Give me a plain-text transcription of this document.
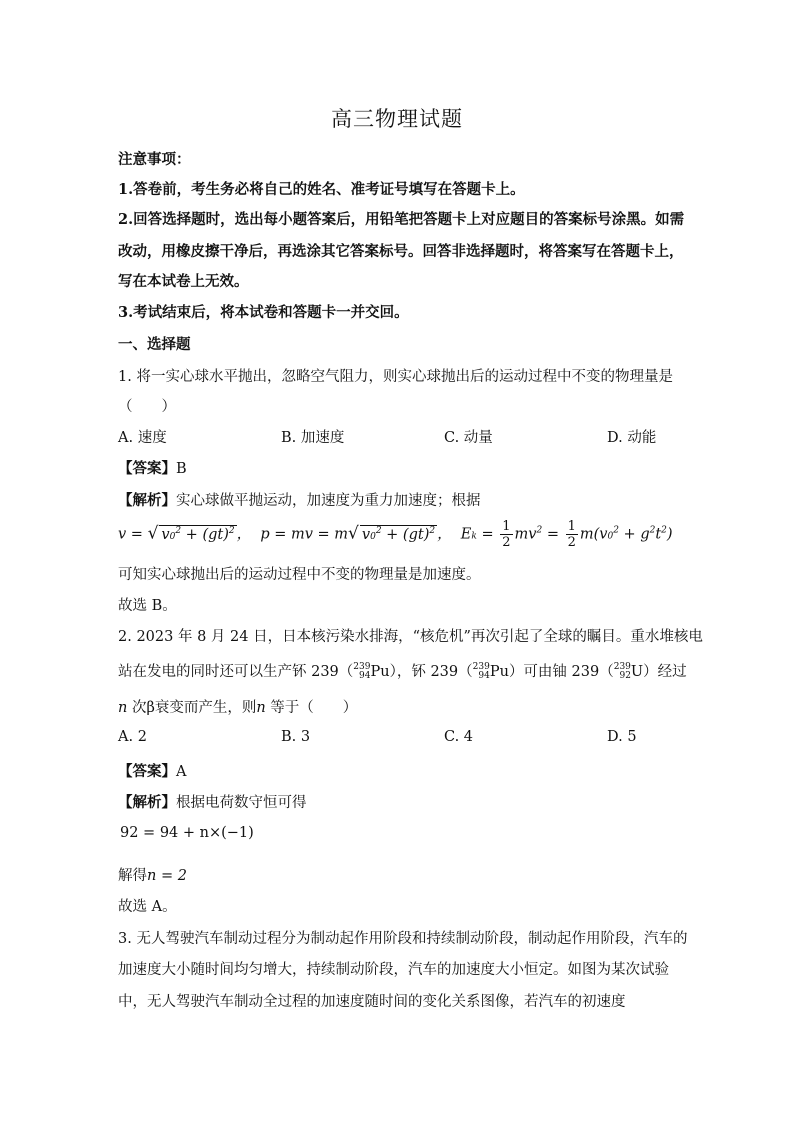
高三物理试题
注意事项：
1.答卷前，考生务必将自己的姓名、准考证号填写在答题卡上。
2.回答选择题时，选出每小题答案后，用铅笔把答题卡上对应题目的答案标号涂黑。如需
改动，用橡皮擦干净后，再选涂其它答案标号。回答非选择题时，将答案写在答题卡上，
写在本试卷上无效。
3.考试结束后，将本试卷和答题卡一并交回。
一、选择题
1. 将一实心球水平抛出，忽略空气阻力，则实心球抛出后的运动过程中不变的物理量是
（　　）
A. 速度	B. 加速度	C. 动量	D. 动能
【答案】B
【解析】实心球做平抛运动，加速度为重力加速度；根据
v = √ $v0^2 + (gt)^2$ ，  p = mv = m√ $v0^2 + (gt)^2$ ，  $Ek = \frac{1}{2} mv^2 = \frac{1}{2} m(v0^2 + g^2t^2)$
可知实心球抛出后的运动过程中不变的物理量是加速度。
故选 B。
2. 2023 年 8 月 24 日，日本核污染水排海，“核危机”再次引起了全球的瞩目。重水堆核电
站在发电的同时还可以生产钚 239（239
94Pu），钚 239（239
94Pu）可由铀 239（239
92U）经过
n 次β衰变而产生，则n 等于（　　）
A. 2	B. 3	C. 4	D. 5
【答案】A
【解析】根据电荷数守恒可得
92 = 94 + n×(−1)
解得n = 2
故选 A。
3. 无人驾驶汽车制动过程分为制动起作用阶段和持续制动阶段，制动起作用阶段，汽车的
加速度大小随时间均匀增大，持续制动阶段，汽车的加速度大小恒定。如图为某次试验
中，无人驾驶汽车制动全过程的加速度随时间的变化关系图像，若汽车的初速度
